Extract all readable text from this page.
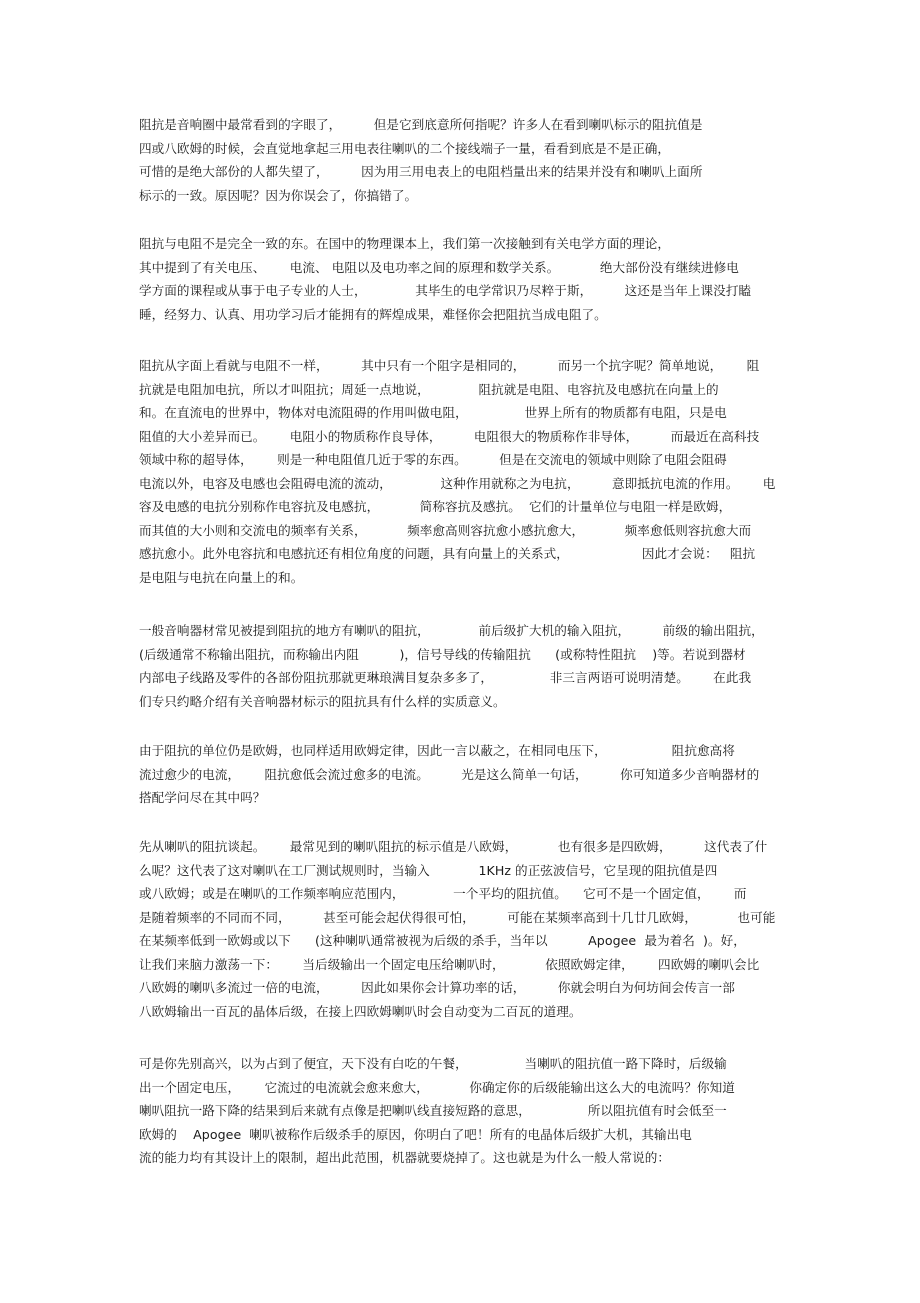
阻抗是音响圈中最常看到的字眼了，        但是它到底意所何指呢？许多人在看到喇叭标示的阻抗值是
四或八欧姆的时候，会直觉地拿起三用电表往喇叭的二个接线端子一量，看看到底是不是正确，
可惜的是绝大部份的人都失望了，        因为用三用电表上的电阻档量出来的结果并没有和喇叭上面所
标示的一致。原因呢？因为你误会了，你搞错了。
阻抗与电阻不是完全一致的东。在国中的物理课本上，我们第一次接触到有关电学方面的理论，
其中提到了有关电压、      电流、 电阻以及电功率之间的原理和数学关系。          绝大部份没有继续进修电
学方面的课程或从事于电子专业的人士，            其毕生的电学常识乃尽粹于斯，        这还是当年上课没打瞌
睡，经努力、认真、用功学习后才能拥有的辉煌成果，难怪你会把阻抗当成电阻了。
阻抗从字面上看就与电阻不一样，        其中只有一个阻字是相同的，        而另一个抗字呢？简单地说，      阻
抗就是电阻加电抗，所以才叫阻抗；周延一点地说，            阻抗就是电阻、电容抗及电感抗在向量上的
和。在直流电的世界中，物体对电流阻碍的作用叫做电阻，              世界上所有的物质都有电阻，只是电
阻值的大小差异而已。      电阻小的物质称作良导体，        电阻很大的物质称作非导体，        而最近在高科技
领域中称的超导体，      则是一种电阻值几近于零的东西。        但是在交流电的领域中则除了电阻会阻碍
电流以外，电容及电感也会阻碍电流的流动，            这种作用就称之为电抗，        意即抵抗电流的作用。      电
容及电感的电抗分别称作电容抗及电感抗，          简称容抗及感抗。  它们的计量单位与电阻一样是欧姆，
而其值的大小则和交流电的频率有关系，          频率愈高则容抗愈小感抗愈大，          频率愈低则容抗愈大而
感抗愈小。此外电容抗和电感抗还有相位角度的问题，具有向量上的关系式，                  因此才会说：   阻抗
是电阻与电抗在向量上的和。
一般音响器材常见被提到阻抗的地方有喇叭的阻抗，            前后级扩大机的输入阻抗，        前级的输出阻抗，
(后级通常不称输出阻抗，而称输出内阻          )，信号导线的传输阻抗      (或称特性阻抗    )等。若说到器材
内部电子线路及零件的各部份阻抗那就更琳琅满目复杂多多了，              非三言两语可说明清楚。      在此我
们专只约略介绍有关音响器材标示的阻抗具有什么样的实质意义。
由于阻抗的单位仍是欧姆，也同样适用欧姆定律，因此一言以蔽之，在相同电压下，                阻抗愈高将
流过愈少的电流，      阻抗愈低会流过愈多的电流。        光是这么简单一句话，        你可知道多少音响器材的
搭配学问尽在其中吗？
先从喇叭的阻抗谈起。      最常见到的喇叭阻抗的标示值是八欧姆，          也有很多是四欧姆，        这代表了什
么呢？这代表了这对喇叭在工厂测试规则时，当输入            1KHz 的正弦波信号，它呈现的阻抗值是四
或八欧姆；或是在喇叭的工作频率响应范围内，            一个平均的阻抗值。    它可不是一个固定值，      而
是随着频率的不同而不同，        甚至可能会起伏得很可怕，        可能在某频率高到十几廿几欧姆，          也可能
在某频率低到一欧姆或以下      (这种喇叭通常被视为后级的杀手，当年以          Apogee  最为着名  )。好，
让我们来脑力激荡一下：      当后级输出一个固定电压给喇叭时，          依照欧姆定律，      四欧姆的喇叭会比
八欧姆的喇叭多流过一倍的电流，        因此如果你会计算功率的话，        你就会明白为何坊间会传言一部
八欧姆输出一百瓦的晶体后级，在接上四欧姆喇叭时会自动变为二百瓦的道理。
可是你先别高兴，以为占到了便宜，天下没有白吃的午餐，              当喇叭的阻抗值一路下降时，后级输
出一个固定电压，      它流过的电流就会愈来愈大，          你确定你的后级能输出这么大的电流吗？你知道
喇叭阻抗一路下降的结果到后来就有点像是把喇叭线直接短路的意思，              所以阻抗值有时会低至一
欧姆的    Apogee  喇叭被称作后级杀手的原因，你明白了吧！所有的电晶体后级扩大机，其输出电
流的能力均有其设计上的限制，超出此范围，机器就要烧掉了。这也就是为什么一般人常说的：
